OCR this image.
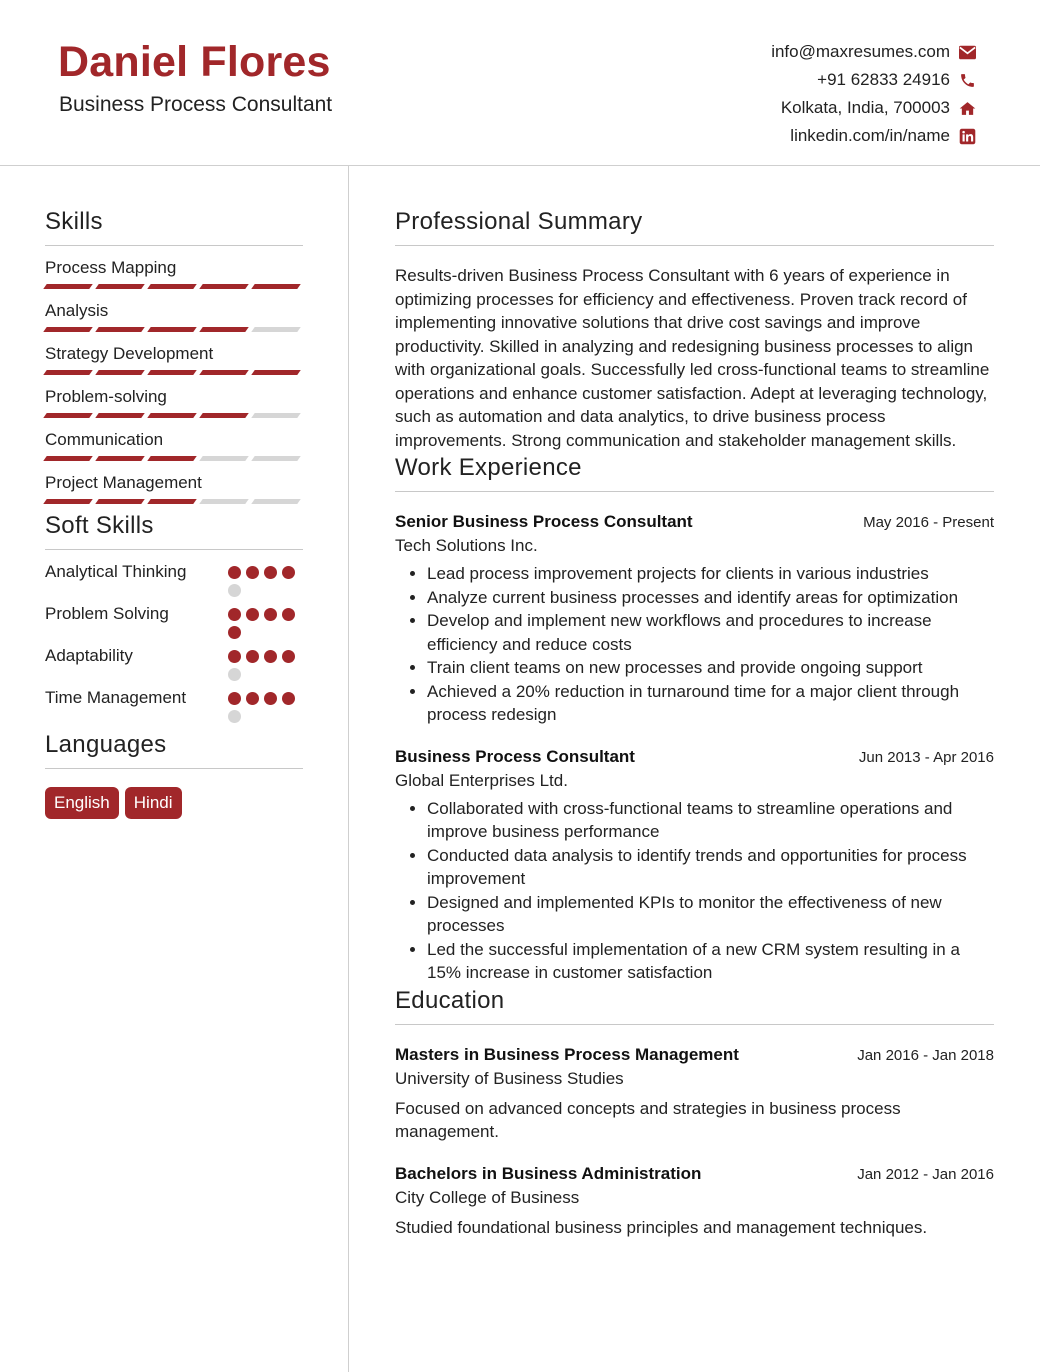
Daniel Flores
Business Process Consultant
info@maxresumes.com
+91 62833 24916
Kolkata, India, 700003
linkedin.com/in/name
Skills
Process Mapping
Analysis
Strategy Development
Problem-solving
Communication
Project Management
Soft Skills
Analytical Thinking
Problem Solving
Adaptability
Time Management
Languages
English	Hindi
Professional Summary
Results-driven Business Process Consultant with 6 years of experience in optimizing processes for efficiency and effectiveness. Proven track record of implementing innovative solutions that drive cost savings and improve productivity. Skilled in analyzing and redesigning business processes to align with organizational goals. Successfully led cross-functional teams to streamline operations and enhance customer satisfaction. Adept at leveraging technology, such as automation and data analytics, to drive business process improvements. Strong communication and stakeholder management skills.
Work Experience
Senior Business Process Consultant	May 2016 - Present
Tech Solutions Inc.
• Lead process improvement projects for clients in various industries
• Analyze current business processes and identify areas for optimization
• Develop and implement new workflows and procedures to increase efficiency and reduce costs
• Train client teams on new processes and provide ongoing support
• Achieved a 20% reduction in turnaround time for a major client through process redesign
Business Process Consultant	Jun 2013 - Apr 2016
Global Enterprises Ltd.
• Collaborated with cross-functional teams to streamline operations and improve business performance
• Conducted data analysis to identify trends and opportunities for process improvement
• Designed and implemented KPIs to monitor the effectiveness of new processes
• Led the successful implementation of a new CRM system resulting in a 15% increase in customer satisfaction
Education
Masters in Business Process Management	Jan 2016 - Jan 2018
University of Business Studies
Focused on advanced concepts and strategies in business process management.
Bachelors in Business Administration	Jan 2012 - Jan 2016
City College of Business
Studied foundational business principles and management techniques.
